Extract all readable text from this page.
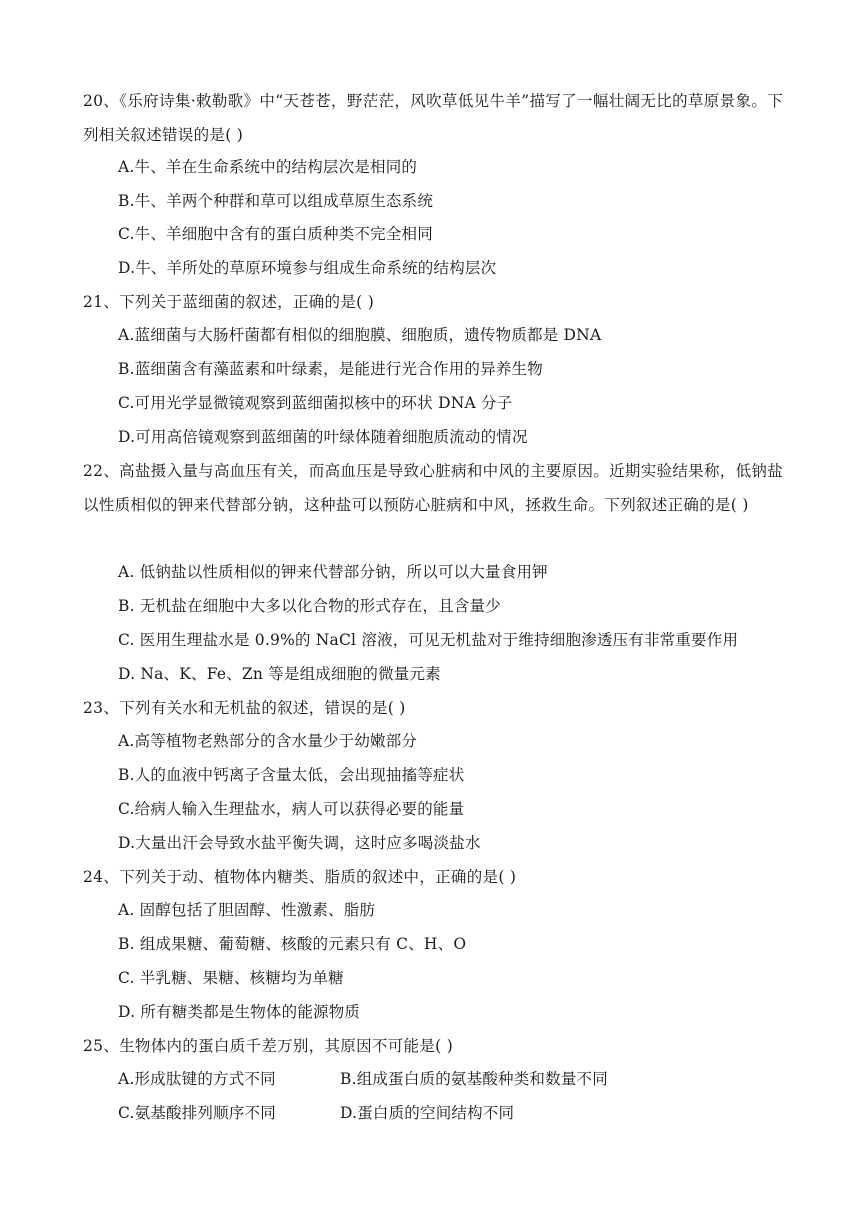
20、《乐府诗集·敕勒歌》中“天苍苍，野茫茫，风吹草低见牛羊”描写了一幅壮阔无比的草原景象。下列相关叙述错误的是( )
A.牛、羊在生命系统中的结构层次是相同的
B.牛、羊两个种群和草可以组成草原生态系统
C.牛、羊细胞中含有的蛋白质种类不完全相同
D.牛、羊所处的草原环境参与组成生命系统的结构层次
21、下列关于蓝细菌的叙述，正确的是( )
A.蓝细菌与大肠杆菌都有相似的细胞膜、细胞质，遗传物质都是 DNA
B.蓝细菌含有藻蓝素和叶绿素，是能进行光合作用的异养生物
C.可用光学显微镜观察到蓝细菌拟核中的环状 DNA 分子
D.可用高倍镜观察到蓝细菌的叶绿体随着细胞质流动的情况
22、高盐摄入量与高血压有关，而高血压是导致心脏病和中风的主要原因。近期实验结果称，低钠盐以性质相似的钾来代替部分钠，这种盐可以预防心脏病和中风，拯救生命。下列叙述正确的是( )
A. 低钠盐以性质相似的钾来代替部分钠，所以可以大量食用钾
B. 无机盐在细胞中大多以化合物的形式存在，且含量少
C. 医用生理盐水是 0.9%的 NaCl 溶液，可见无机盐对于维持细胞渗透压有非常重要作用
D. Na、K、Fe、Zn 等是组成细胞的微量元素
23、下列有关水和无机盐的叙述，错误的是( )
A.高等植物老熟部分的含水量少于幼嫩部分
B.人的血液中钙离子含量太低，会出现抽搐等症状
C.给病人输入生理盐水，病人可以获得必要的能量
D.大量出汗会导致水盐平衡失调，这时应多喝淡盐水
24、下列关于动、植物体内糖类、脂质的叙述中，正确的是( )
A. 固醇包括了胆固醇、性激素、脂肪
B. 组成果糖、葡萄糖、核酸的元素只有 C、H、O
C. 半乳糖、果糖、核糖均为单糖
D. 所有糖类都是生物体的能源物质
25、生物体内的蛋白质千差万别，其原因不可能是( )
A.形成肽键的方式不同	B.组成蛋白质的氨基酸种类和数量不同
C.氨基酸排列顺序不同	D.蛋白质的空间结构不同
